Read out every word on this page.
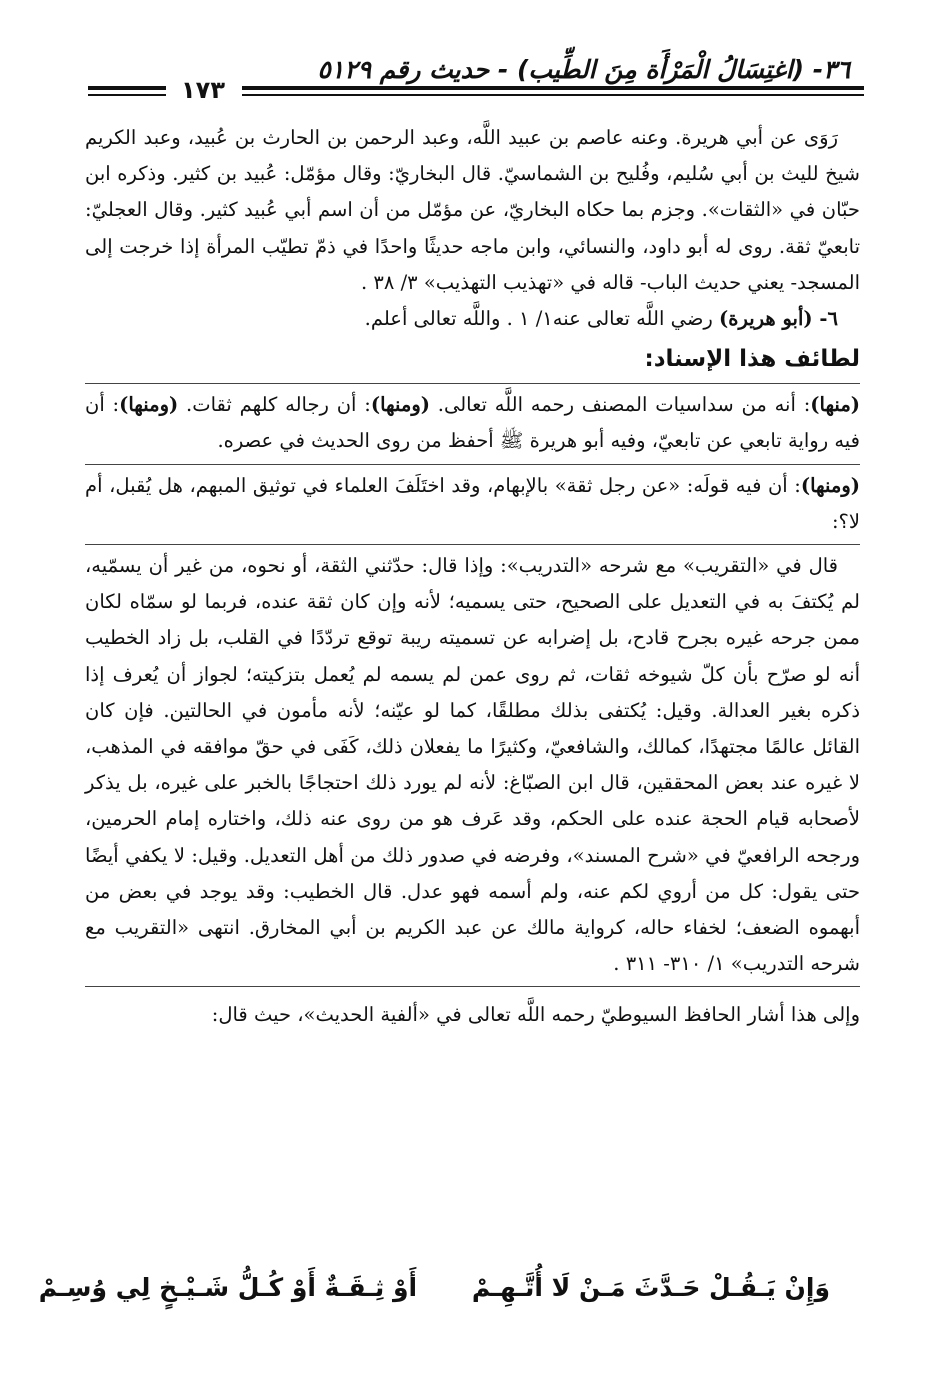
٣٦- (اغتِسَالُ الْمَرْأَة مِنَ الطِّيب) - حديث رقم ٥١٢٩
١٧٣

رَوَى عن أبي هريرة. وعنه عاصم بن عبيد اللَّه، وعبد الرحمن بن الحارث بن عُبيد، وعبد الكريم شيخ لليث بن أبي سُليم، وفُليح بن الشماسيّ. قال البخاريّ: وقال مؤمّل: عُبيد بن كثير. وذكره ابن حبّان في «الثقات». وجزم بما حكاه البخاريّ، عن مؤمّل من أن اسم أبي عُبيد كثير. وقال العجليّ: تابعيّ ثقة. روى له أبو داود، والنسائي، وابن ماجه حديثًا واحدًا في ذمّ تطيّب المرأة إذا خرجت إلى المسجد- يعني حديث الباب- قاله في «تهذيب التهذيب» ٣/ ٣٨ .

٦- (أبو هريرة) رضي اللَّه تعالى عنه١/ ١ . واللَّه تعالى أعلم.

لطائف هذا الإسناد:

(منها): أنه من سداسيات المصنف رحمه اللَّه تعالى. (ومنها): أن رجاله كلهم ثقات. (ومنها): أن فيه رواية تابعي عن تابعيّ، وفيه أبو هريرة ﷺ أحفظ من روى الحديث في عصره.

(ومنها): أن فيه قولَه: «عن رجل ثقة» بالإبهام، وقد اختَلَفَ العلماء في توثيق المبهم، هل يُقبل، أم لا؟:

قال في «التقريب» مع شرحه «التدريب»: وإذا قال: حدّثني الثقة، أو نحوه، من غير أن يسمّيه، لم يُكتفَ به في التعديل على الصحيح، حتى يسميه؛ لأنه وإن كان ثقة عنده، فربما لو سمّاه لكان ممن جرحه غيره بجرح قادح، بل إضرابه عن تسميته ريبة توقع تردّدًا في القلب، بل زاد الخطيب أنه لو صرّح بأن كلّ شيوخه ثقات، ثم روى عمن لم يسمه لم يُعمل بتزكيته؛ لجواز أن يُعرف إذا ذكره بغير العدالة. وقيل: يُكتفى بذلك مطلقًا، كما لو عيّنه؛ لأنه مأمون في الحالتين. فإن كان القائل عالمًا مجتهدًا، كمالك، والشافعيّ، وكثيرًا ما يفعلان ذلك، كَفَى في حقّ موافقه في المذهب، لا غيره عند بعض المحققين، قال ابن الصبّاغ: لأنه لم يورد ذلك احتجاجًا بالخبر على غيره، بل يذكر لأصحابه قيام الحجة عنده على الحكم، وقد عَرف هو من روى عنه ذلك، واختاره إمام الحرمين، ورجحه الرافعيّ في «شرح المسند»، وفرضه في صدور ذلك من أهل التعديل. وقيل: لا يكفي أيضًا حتى يقول: كل من أروي لكم عنه، ولم أسمه فهو عدل. قال الخطيب: وقد يوجد في بعض من أبهموه الضعف؛ لخفاء حاله، كرواية مالك عن عبد الكريم بن أبي المخارق. انتهى «التقريب مع شرحه التدريب» ١/ ٣١٠- ٣١١ .

وإلى هذا أشار الحافظ السيوطيّ رحمه اللَّه تعالى في «ألفية الحديث»، حيث قال:

وَإِنْ يَـقُـلْ حَـدَّثَ مَـنْ لَا أُتَّـهِـمْ أَوْ ثِـقَـةٌ أَوْ كُـلُّ شَـيْـخٍ لِي وُسِـمْ
